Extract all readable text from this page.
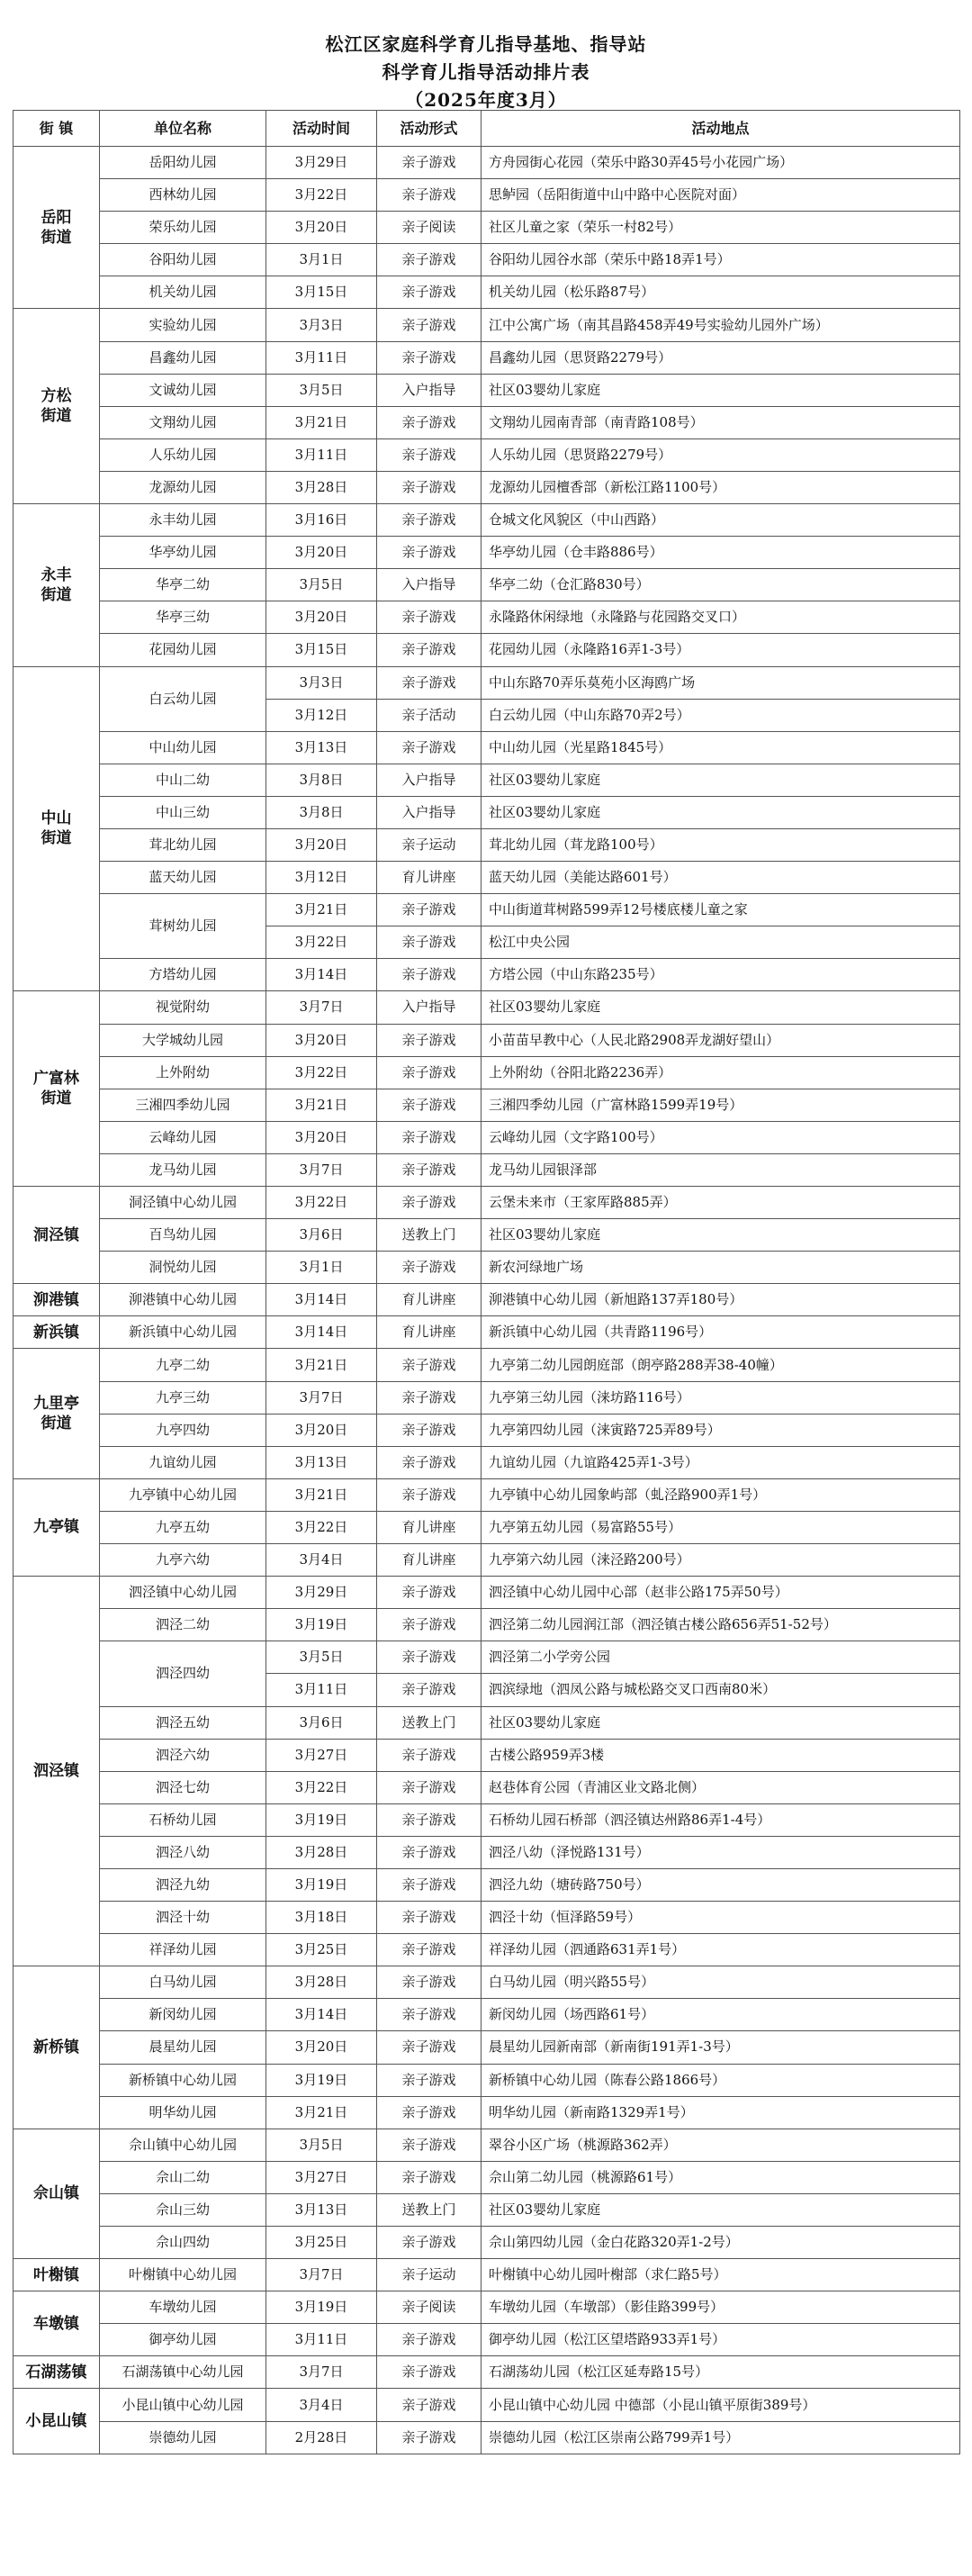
松江区家庭科学育儿指导基地、指导站
科学育儿指导活动排片表
（2025年度3月）
街 镇	单位名称	活动时间	活动形式	活动地点
岳阳
街道	岳阳幼儿园	3月29日	亲子游戏	方舟园街心花园（荣乐中路30弄45号小花园广场）
	西林幼儿园	3月22日	亲子游戏	思鲈园（岳阳街道中山中路中心医院对面）
	荣乐幼儿园	3月20日	亲子阅读	社区儿童之家（荣乐一村82号）
	谷阳幼儿园	3月1日	亲子游戏	谷阳幼儿园谷水部（荣乐中路18弄1号）
	机关幼儿园	3月15日	亲子游戏	机关幼儿园（松乐路87号）
方松
街道	实验幼儿园	3月3日	亲子游戏	江中公寓广场（南其昌路458弄49号实验幼儿园外广场）
	昌鑫幼儿园	3月11日	亲子游戏	昌鑫幼儿园（思贤路2279号）
	文诚幼儿园	3月5日	入户指导	社区03婴幼儿家庭
	文翔幼儿园	3月21日	亲子游戏	文翔幼儿园南青部（南青路108号）
	人乐幼儿园	3月11日	亲子游戏	人乐幼儿园（思贤路2279号）
	龙源幼儿园	3月28日	亲子游戏	龙源幼儿园檀香部（新松江路1100号）
永丰
街道	永丰幼儿园	3月16日	亲子游戏	仓城文化风貌区（中山西路）
	华亭幼儿园	3月20日	亲子游戏	华亭幼儿园（仓丰路886号）
	华亭二幼	3月5日	入户指导	华亭二幼（仓汇路830号）
	华亭三幼	3月20日	亲子游戏	永隆路休闲绿地（永隆路与花园路交叉口）
	花园幼儿园	3月15日	亲子游戏	花园幼儿园（永隆路16弄1-3号）
中山
街道	白云幼儿园	3月3日	亲子游戏	中山东路70弄乐莫苑小区海鸥广场
		3月12日	亲子活动	白云幼儿园（中山东路70弄2号）
	中山幼儿园	3月13日	亲子游戏	中山幼儿园（光星路1845号）
	中山二幼	3月8日	入户指导	社区03婴幼儿家庭
	中山三幼	3月8日	入户指导	社区03婴幼儿家庭
	茸北幼儿园	3月20日	亲子运动	茸北幼儿园（茸龙路100号）
	蓝天幼儿园	3月12日	育儿讲座	蓝天幼儿园（美能达路601号）
	茸树幼儿园	3月21日	亲子游戏	中山街道茸树路599弄12号楼底楼儿童之家
		3月22日	亲子游戏	松江中央公园
	方塔幼儿园	3月14日	亲子游戏	方塔公园（中山东路235号）
广富林
街道	视觉附幼	3月7日	入户指导	社区03婴幼儿家庭
	大学城幼儿园	3月20日	亲子游戏	小苗苗早教中心（人民北路2908弄龙湖好望山）
	上外附幼	3月22日	亲子游戏	上外附幼（谷阳北路2236弄）
	三湘四季幼儿园	3月21日	亲子游戏	三湘四季幼儿园（广富林路1599弄19号）
	云峰幼儿园	3月20日	亲子游戏	云峰幼儿园（文字路100号）
	龙马幼儿园	3月7日	亲子游戏	龙马幼儿园银泽部
洞泾镇	洞泾镇中心幼儿园	3月22日	亲子游戏	云堡未来市（王家厍路885弄）
	百鸟幼儿园	3月6日	送教上门	社区03婴幼儿家庭
	洞悦幼儿园	3月1日	亲子游戏	新农河绿地广场
泖港镇	泖港镇中心幼儿园	3月14日	育儿讲座	泖港镇中心幼儿园（新旭路137弄180号）
新浜镇	新浜镇中心幼儿园	3月14日	育儿讲座	新浜镇中心幼儿园（共青路1196号）
九里亭
街道	九亭二幼	3月21日	亲子游戏	九亭第二幼儿园朗庭部（朗亭路288弄38-40幢）
	九亭三幼	3月7日	亲子游戏	九亭第三幼儿园（涞坊路116号）
	九亭四幼	3月20日	亲子游戏	九亭第四幼儿园（涞寅路725弄89号）
	九谊幼儿园	3月13日	亲子游戏	九谊幼儿园（九谊路425弄1-3号）
九亭镇	九亭镇中心幼儿园	3月21日	亲子游戏	九亭镇中心幼儿园象屿部（虬泾路900弄1号）
	九亭五幼	3月22日	育儿讲座	九亭第五幼儿园（易富路55号）
	九亭六幼	3月4日	育儿讲座	九亭第六幼儿园（涞泾路200号）
泗泾镇	泗泾镇中心幼儿园	3月29日	亲子游戏	泗泾镇中心幼儿园中心部（赵非公路175弄50号）
	泗泾二幼	3月19日	亲子游戏	泗泾第二幼儿园润江部（泗泾镇古楼公路656弄51-52号）
	泗泾四幼	3月5日	亲子游戏	泗泾第二小学旁公园
		3月11日	亲子游戏	泗滨绿地（泗凤公路与城松路交叉口西南80米）
	泗泾五幼	3月6日	送教上门	社区03婴幼儿家庭
	泗泾六幼	3月27日	亲子游戏	古楼公路959弄3楼
	泗泾七幼	3月22日	亲子游戏	赵巷体育公园（青浦区业文路北侧）
	石桥幼儿园	3月19日	亲子游戏	石桥幼儿园石桥部（泗泾镇达州路86弄1-4号）
	泗泾八幼	3月28日	亲子游戏	泗泾八幼（泽悦路131号）
	泗泾九幼	3月19日	亲子游戏	泗泾九幼（塘砖路750号）
	泗泾十幼	3月18日	亲子游戏	泗泾十幼（恒泽路59号）
	祥泽幼儿园	3月25日	亲子游戏	祥泽幼儿园（泗通路631弄1号）
新桥镇	白马幼儿园	3月28日	亲子游戏	白马幼儿园（明兴路55号）
	新闵幼儿园	3月14日	亲子游戏	新闵幼儿园（场西路61号）
	晨星幼儿园	3月20日	亲子游戏	晨星幼儿园新南部（新南街191弄1-3号）
	新桥镇中心幼儿园	3月19日	亲子游戏	新桥镇中心幼儿园（陈春公路1866号）
	明华幼儿园	3月21日	亲子游戏	明华幼儿园（新南路1329弄1号）
佘山镇	佘山镇中心幼儿园	3月5日	亲子游戏	翠谷小区广场（桃源路362弄）
	佘山二幼	3月27日	亲子游戏	佘山第二幼儿园（桃源路61号）
	佘山三幼	3月13日	送教上门	社区03婴幼儿家庭
	佘山四幼	3月25日	亲子游戏	佘山第四幼儿园（金白花路320弄1-2号）
叶榭镇	叶榭镇中心幼儿园	3月7日	亲子运动	叶榭镇中心幼儿园叶榭部（求仁路5号）
车墩镇	车墩幼儿园	3月19日	亲子阅读	车墩幼儿园（车墩部）（影佳路399号）
	御亭幼儿园	3月11日	亲子游戏	御亭幼儿园（松江区望塔路933弄1号）
石湖荡镇	石湖荡镇中心幼儿园	3月7日	亲子游戏	石湖荡幼儿园（松江区延寿路15号）
小昆山镇	小昆山镇中心幼儿园	3月4日	亲子游戏	小昆山镇中心幼儿园 中德部（小昆山镇平原街389号）
	崇德幼儿园	2月28日	亲子游戏	崇德幼儿园（松江区崇南公路799弄1号）
